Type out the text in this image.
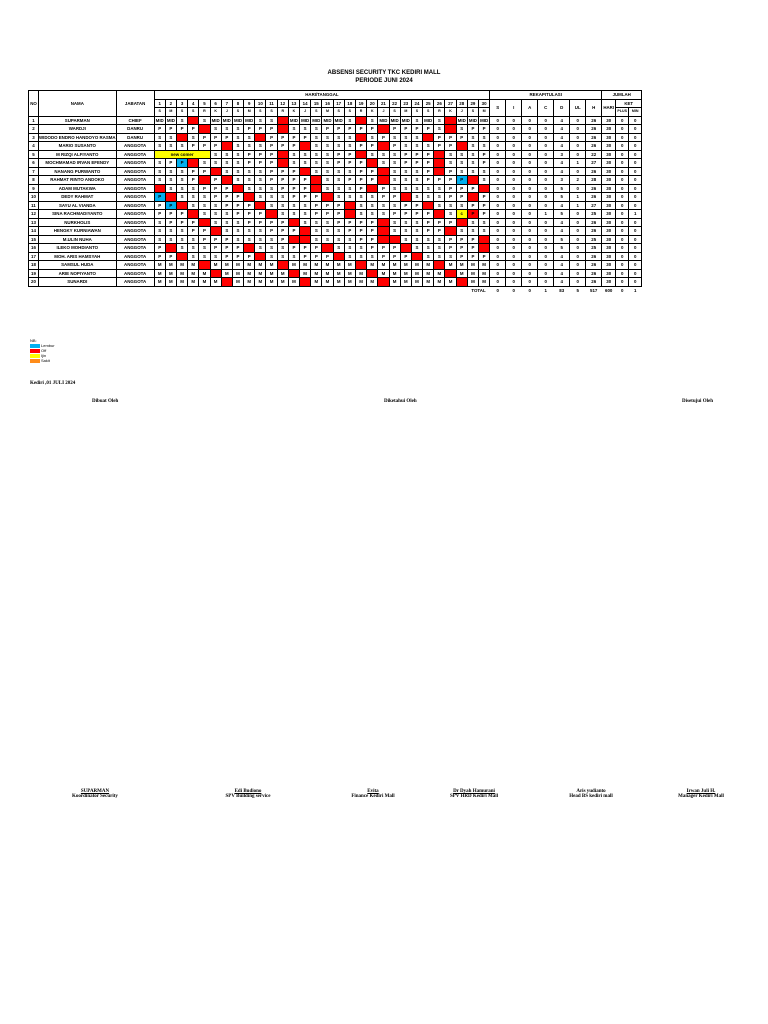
ABSENSI SECURITY TKC KEDIRI MALL
PERIODE JUNI 2024
NO	NAMA	JABATAN	HARI/TANGGAL																														REKAPITULASI							JUMLAH		
			1	2	3	4	5	6	7	8	9	10	11	12	13	14	15	16	17	18	19	20	21	22	23	24	25	26	27	28	29	30	S	I	A	C	D	UL	H	HARI	KET	
			S	M	S	S	R	K	J	S	M	S	S	R	K	J	S	M	S	S	R	K	J	S	M	S	S	R	K	J	S	M									PLUS	MIN
1	SUPARMAN	CHIEF	MID	MID	S		S	MID	MID	MID	MID	S	S		MID	MID	MID	MID	MID	S		S	MID	MID	MID	S	MID	S		MID	MID	MID	0	0	0	0	4	0	26	30	0	0
2	WARDJI	DANRU	P	P	P	P		S	S	S	P	P	P		S	S	S	P	P	P	P	P		P	P	P	P	S		S	P	P	0	0	0	0	4	0	26	30	0	0
3	WIDODO ENDRO HANDOYO RASMA	DANRU	S	S		S	P	P	P	S	S		P	P	P	P	S	S	S	S		S	P	S	S	S		P	P	P	S	S	0	0	0	0	4	0	26	30	0	0
4	MARIO SUSANTO	ANGGOTA	S	S	S	P	P	P		S	S	S	P	P	P		S	S	S	S	P	P		P	S	S	S	P	P		S	S	0	0	0	0	4	0	26	30	0	0
5	M RIZQI ALFIYANTO	ANGGOTA	new comer					S	S	S	P	P	P		S	S	S	S	P	P		S	S	S	P	P	P		S	S	S	P	0	0	0	0	3	0	22	30	0	0
6	MOCHMAMAD IRVAN EFENDY	ANGGOTA	S	P	P		S	S	S	S	P	P	P		S	S	S	S	P	P	P		S	S	P	P	P		S	S	S	P	0	0	0	0	4	1	27	30	0	0
7	NANANG PURWANTO	ANGGOTA	S	S	S	P	P		S	S	S	S	P	P	P		S	S	S	S	P	P		S	S	S	P		P	S	S	S	0	0	0	0	4	0	26	30	0	0
8	RAHMAT RINTO ANDOKO	ANGGOTA	S	S	S	P		P		S	S	S	P	P	P	P		S	S	P	P	P		S	S	S	P	P	P	P		S	0	0	0	0	3	2	28	30	0	0
9	ADAM MUTAKWA	ANGGOTA		S	S	S	P	P	P		S	S	S	P	P	P		S	S	S	P		P	S	S	S	S	S	P	P	P		0	0	0	0	5	0	26	30	0	0
10	DEDY RAHMAT	ANGGOTA	P		S	S	S	P	P	P		S	S	S	P	P	P		S	S	S	S	P	P		S	S	S	P	P		P	0	0	0	0	5	1	26	30	0	0
11	SAYU AL VIANDA	ANGGOTA	P	P		S	S	S	P	P	P		S	S	S	S	P	P	P		S	S	S	S	P	P		S	S	S	P	P	0	0	0	0	4	1	27	30	0	0
12	SINA RACHMADIYANTO	ANGGOTA	P	P	P		S	S	S	P	P	P		S	S	S	P	P	P		S	S	S	P	P	P	P		S	c	P	P	0	0	0	1	5	0	25	30	0	1
13	NURKHOLIS	ANGGOTA	S	P	P	P		S	S	S	P	P	P	P		S	S	S	P	P	P	P		S	S	S	P	P	P		S	S	0	0	0	0	4	0	26	30	0	0
14	HENGKY KURNIAWAN	ANGGOTA	S	S	S	P	P		S	S	S	S	P	P	P		S	S	S	P	P	P		S	S	S	P	P		S	S	S	0	0	0	0	4	0	26	30	0	0
15	M.ULIN NUHA	ANGGOTA	S	S	S	S	P	P	P	S	S	S	S	P			S	S	S	S	P	P			S	S	S	S	P	P	P		0	0	0	0	5	0	25	30	0	0
16	ILEKO MOHDIANTO	ANGGOTA	P		S	S	S	P	P	P		S	S	S	P	P	P		S	S	S	P	P	P		S	S	S	P	P	P		0	0	0	0	5	0	25	30	0	0
17	MOH. ARIS HAMSYAH	ANGGOTA	P	P		S	S	S	P	P	P		S	S	S	P	P	P		S	S	S	P	P	P		S	S	S	P	P	P	0	0	0	0	4	0	26	30	0	0
18	SAMSUL HUDA	ANGGOTA	M	M	M	M		M	M	M	M	M	M		M	M	M	M	M	M		M	M	M	M	M	M		M	M	M	M	0	0	0	0	4	0	26	30	0	0
19	ARIE NOPIYANTO	ANGGOTA	M	M	M	M	M		M	M	M	M	M	M		M	M	M	M	M	M		M	M	M	M	M	M		M	M	M	0	0	0	0	4	0	26	30	0	0
20	SUNARDI	ANGGOTA	M	M	M	M	M	M		M	M	M	M	M	M		M	M	M	M	M	M		M	M	M	M	M	M		M	M	0	0	0	0	4	0	26	30	0	0
																															TOTAL		0	0	0	1	83	5	517	600	0	1
NB:
Lembur
Off
Ijin
Sakit
Kediri ,01 JULI 2024
Dibuat Oleh	Diketahui Oleh	Disetujui Oleh
SUPARMAN
Koordinator Security
Edi Budiono
SPV Building service
Evita
Finance Kediri Mall
Dr Dyah Hamurani
SPV HRD Kediri Mall
Aris yudianto
Head BS kediri mall
Irwan Juli H.
Manager Kediri Mall
